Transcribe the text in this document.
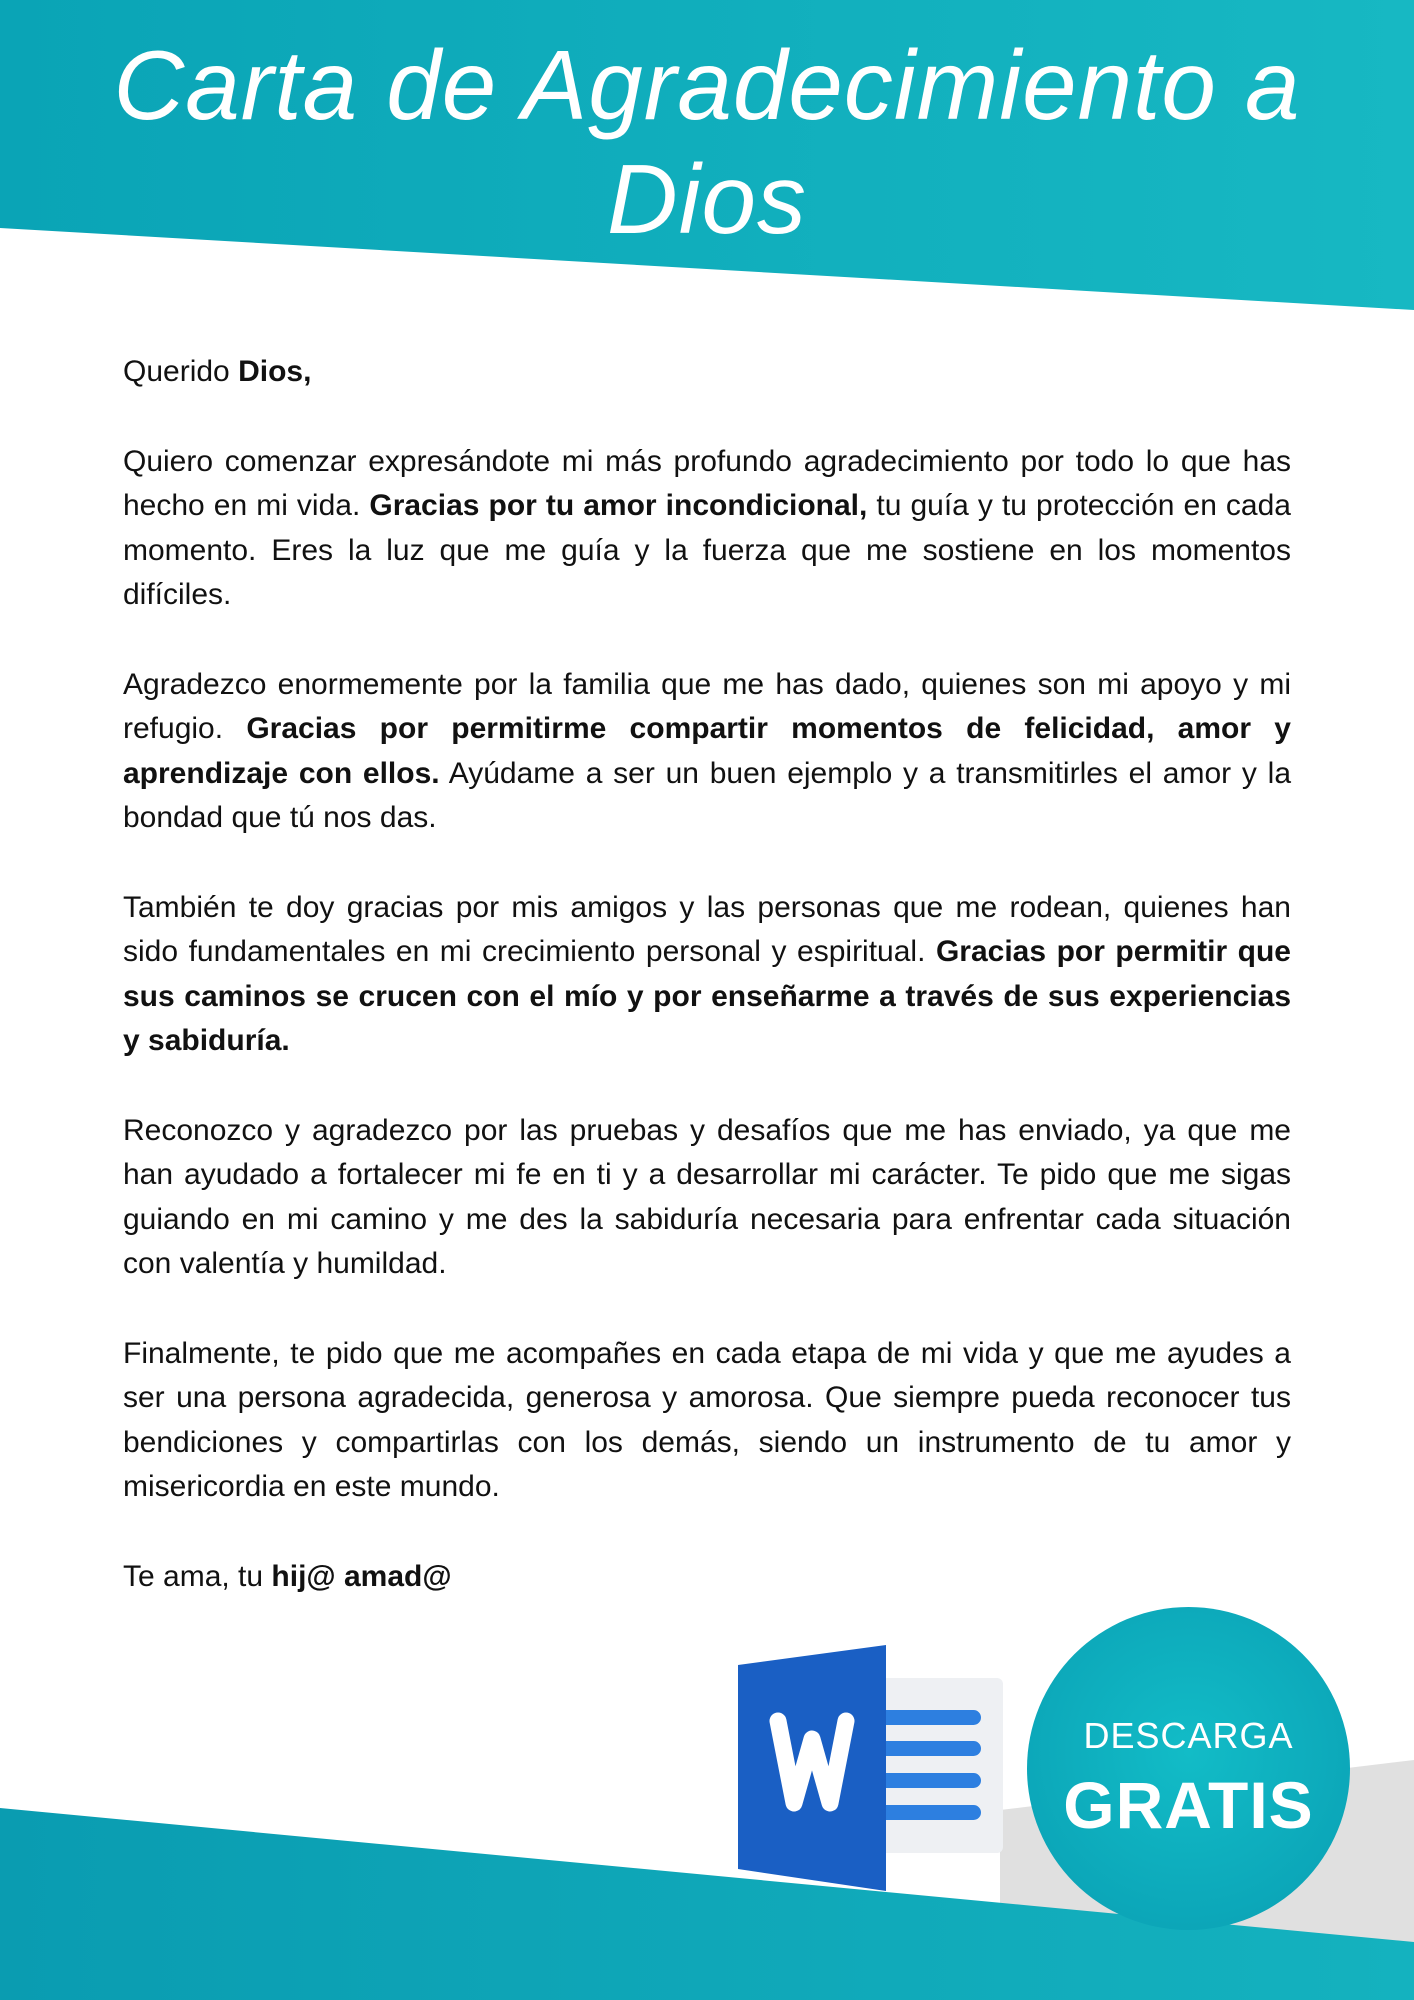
Carta de Agradecimiento a Dios

Querido Dios,

Quiero comenzar expresándote mi más profundo agradecimiento por todo lo que has hecho en mi vida. Gracias por tu amor incondicional, tu guía y tu protección en cada momento. Eres la luz que me guía y la fuerza que me sostiene en los momentos difíciles.

Agradezco enormemente por la familia que me has dado, quienes son mi apoyo y mi refugio. Gracias por permitirme compartir momentos de felicidad, amor y aprendizaje con ellos. Ayúdame a ser un buen ejemplo y a transmitirles el amor y la bondad que tú nos das.

También te doy gracias por mis amigos y las personas que me rodean, quienes han sido fundamentales en mi crecimiento personal y espiritual. Gracias por permitir que sus caminos se crucen con el mío y por enseñarme a través de sus experiencias y sabiduría.

Reconozco y agradezco por las pruebas y desafíos que me has enviado, ya que me han ayudado a fortalecer mi fe en ti y a desarrollar mi carácter. Te pido que me sigas guiando en mi camino y me des la sabiduría necesaria para enfrentar cada situación con valentía y humildad.

Finalmente, te pido que me acompañes en cada etapa de mi vida y que me ayudes a ser una persona agradecida, generosa y amorosa. Que siempre pueda reconocer tus bendiciones y compartirlas con los demás, siendo un instrumento de tu amor y misericordia en este mundo.

Te ama, tu hij@ amad@

DESCARGA
GRATIS
